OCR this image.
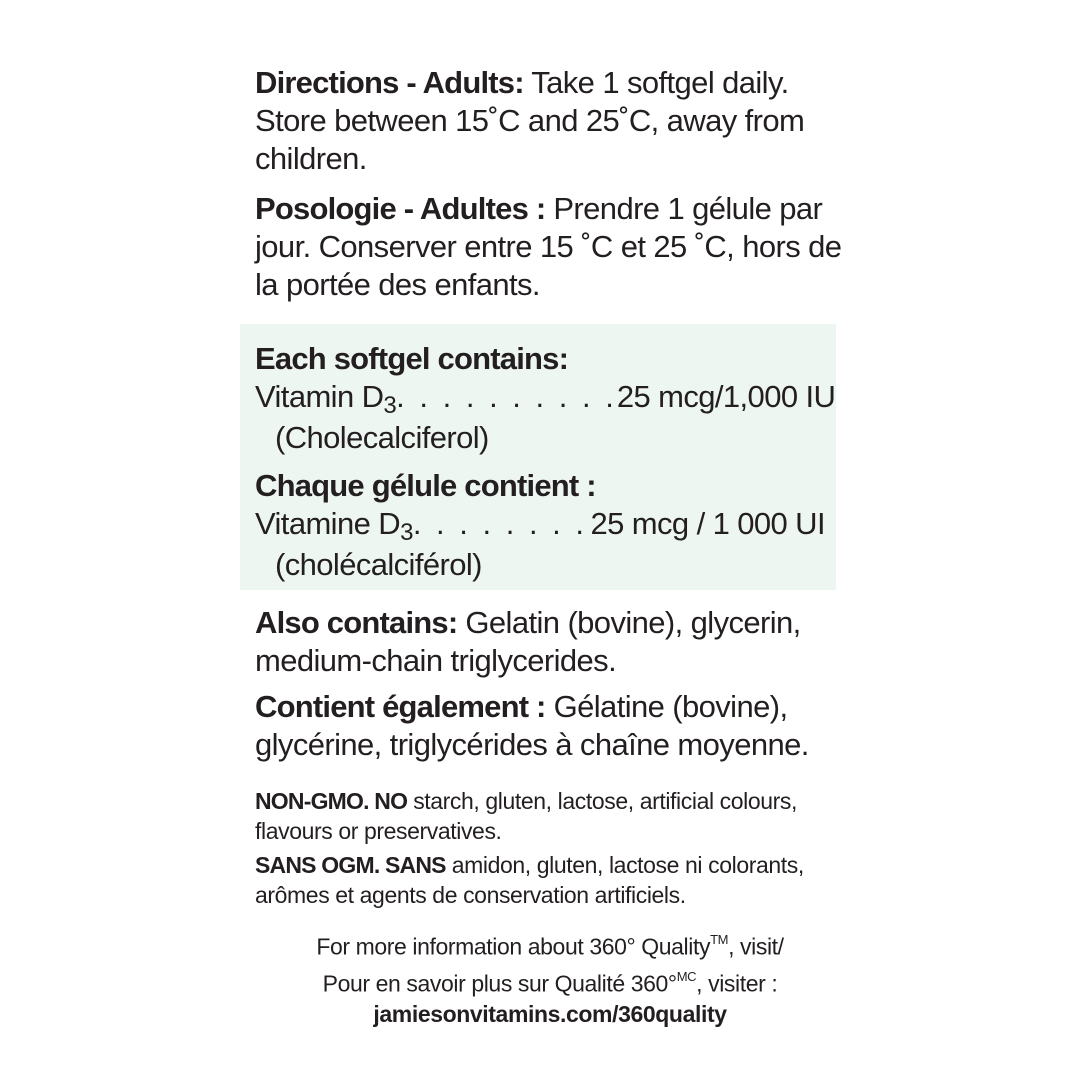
Directions - Adults: Take 1 softgel daily. Store between 15˚C and 25˚C, away from children.

Posologie - Adultes : Prendre 1 gélule par jour. Conserver entre 15 ˚C et 25 ˚C, hors de la portée des enfants.

Each softgel contains:

Vitamin D3. . . . . . . . . . 25 mcg/1,000 IU

(Cholecalciferol)

Chaque gélule contient :

Vitamine D3. . . . . . . . 25 mcg / 1 000 UI

(cholécalciférol)

Also contains: Gelatin (bovine), glycerin, medium-chain triglycerides.

Contient également : Gélatine (bovine), glycérine, triglycérides à chaîne moyenne.

NON-GMO. NO starch, gluten, lactose, artificial colours, flavours or preservatives.

SANS OGM. SANS amidon, gluten, lactose ni colorants, arômes et agents de conservation artificiels.

For more information about 360° Quality™, visit/

Pour en savoir plus sur Qualité 360°$^{MC}$, visiter :

jamiesonvitamins.com/360quality
